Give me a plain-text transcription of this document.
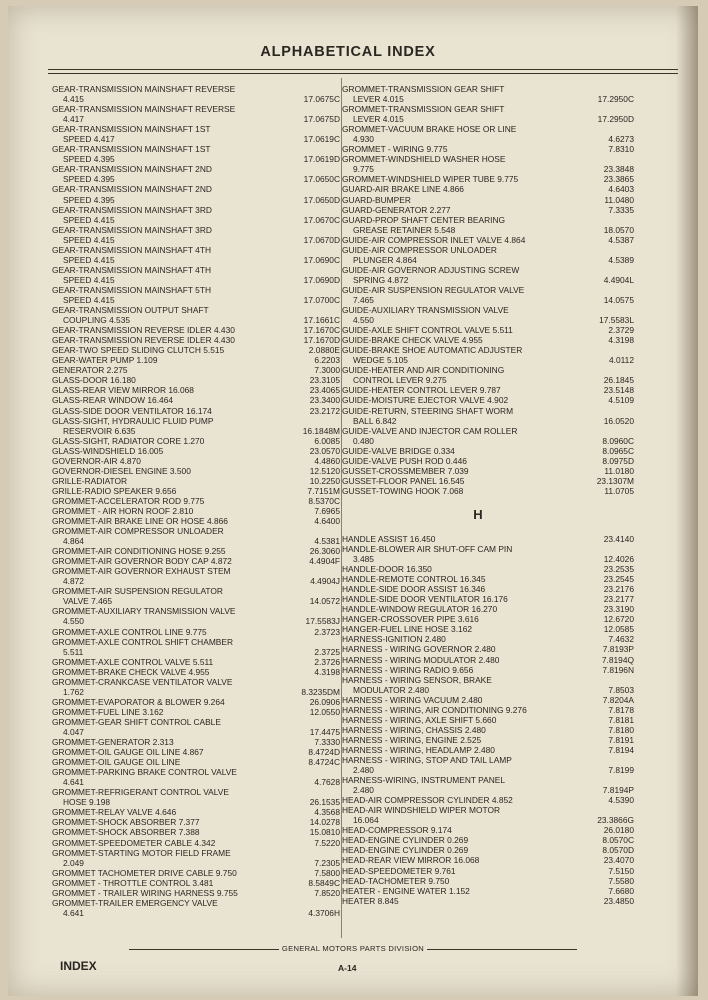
ALPHABETICAL INDEX
GEAR-TRANSMISSION MAINSHAFT REVERSE
4.415	17.0675C
GEAR-TRANSMISSION MAINSHAFT REVERSE
4.417	17.0675D
GEAR-TRANSMISSION MAINSHAFT 1ST
SPEED 4.417	17.0619C
GEAR-TRANSMISSION MAINSHAFT 1ST
SPEED 4.395	17.0619D
GEAR-TRANSMISSION MAINSHAFT 2ND
SPEED 4.395	17.0650C
GEAR-TRANSMISSION MAINSHAFT 2ND
SPEED 4.395	17.0650D
GEAR-TRANSMISSION MAINSHAFT 3RD
SPEED 4.415	17.0670C
GEAR-TRANSMISSION MAINSHAFT 3RD
SPEED 4.415	17.0670D
GEAR-TRANSMISSION MAINSHAFT 4TH
SPEED 4.415	17.0690C
GEAR-TRANSMISSION MAINSHAFT 4TH
SPEED 4.415	17.0690D
GEAR-TRANSMISSION MAINSHAFT 5TH
SPEED 4.415	17.0700C
GEAR-TRANSMISSION OUTPUT SHAFT
COUPLING 4.535	17.1661C
GEAR-TRANSMISSION REVERSE IDLER 4.430	17.1670C
GEAR-TRANSMISSION REVERSE IDLER 4.430	17.1670D
GEAR-TWO SPEED SLIDING CLUTCH 5.515	2.0880E
GEAR-WATER PUMP 1.109	6.2203
GENERATOR 2.275	7.3000
GLASS-DOOR 16.180	23.3105
GLASS-REAR VIEW MIRROR 16.068	23.4065
GLASS-REAR WINDOW 16.464	23.3400
GLASS-SIDE DOOR VENTILATOR 16.174	23.2172
GLASS-SIGHT, HYDRAULIC FLUID PUMP
RESERVOIR 6.635	16.1848M
GLASS-SIGHT, RADIATOR CORE 1.270	6.0085
GLASS-WINDSHIELD 16.005	23.0570
GOVERNOR-AIR 4.870	4.4860
GOVERNOR-DIESEL ENGINE 3.500	12.5120
GRILLE-RADIATOR	10.2250
GRILLE-RADIO SPEAKER 9.656	7.7151M
GROMMET-ACCELERATOR ROD 9.775	8.5370C
GROMMET - AIR HORN ROOF 2.810	7.6965
GROMMET-AIR BRAKE LINE OR HOSE 4.866	4.6400
GROMMET-AIR COMPRESSOR UNLOADER
4.864	4.5381
GROMMET-AIR CONDITIONING HOSE 9.255	26.3060
GROMMET-AIR GOVERNOR BODY CAP 4.872	4.4904F
GROMMET-AIR GOVERNOR EXHAUST STEM
4.872	4.4904J
GROMMET-AIR SUSPENSION REGULATOR
VALVE 7.465	14.0572
GROMMET-AUXILIARY TRANSMISSION VALVE
4.550	17.5583J
GROMMET-AXLE CONTROL LINE 9.775	2.3723
GROMMET-AXLE CONTROL SHIFT CHAMBER
5.511	2.3725
GROMMET-AXLE CONTROL VALVE 5.511	2.3726
GROMMET-BRAKE CHECK VALVE 4.955	4.3198
GROMMET-CRANKCASE VENTILATOR VALVE
1.762	8.3235DM
GROMMET-EVAPORATOR & BLOWER 9.264	26.0906
GROMMET-FUEL LINE 3.162	12.0550
GROMMET-GEAR SHIFT CONTROL CABLE
4.047	17.4475
GROMMET-GENERATOR 2.313	7.3330
GROMMET-OIL GAUGE OIL LINE 4.867	8.4724D
GROMMET-OIL GAUGE OIL LINE	8.4724C
GROMMET-PARKING BRAKE CONTROL VALVE
4.641	4.7628
GROMMET-REFRIGERANT CONTROL VALVE
HOSE 9.198	26.1535
GROMMET-RELAY VALVE 4.646	4.3568
GROMMET-SHOCK ABSORBER 7.377	14.0278
GROMMET-SHOCK ABSORBER 7.388	15.0810
GROMMET-SPEEDOMETER CABLE 4.342	7.5220
GROMMET-STARTING MOTOR FIELD FRAME
2.049	7.2305
GROMMET TACHOMETER DRIVE CABLE 9.750	7.5800
GROMMET - THROTTLE CONTROL 3.481	8.5849C
GROMMET - TRAILER WIRING HARNESS 9.755	7.8520
GROMMET-TRAILER EMERGENCY VALVE
4.641	4.3706H
GROMMET-TRANSMISSION GEAR SHIFT
LEVER 4.015	17.2950C
GROMMET-TRANSMISSION GEAR SHIFT
LEVER 4.015	17.2950D
GROMMET-VACUUM BRAKE HOSE OR LINE
4.930	4.6273
GROMMET - WIRING 9.775	7.8310
GROMMET-WINDSHIELD WASHER HOSE
9.775	23.3848
GROMMET-WINDSHIELD WIPER TUBE 9.775	23.3865
GUARD-AIR BRAKE LINE 4.866	4.6403
GUARD-BUMPER	11.0480
GUARD-GENERATOR 2.277	7.3335
GUARD-PROP SHAFT CENTER BEARING
GREASE RETAINER 5.548	18.0570
GUIDE-AIR COMPRESSOR INLET VALVE 4.864	4.5387
GUIDE-AIR COMPRESSOR UNLOADER
PLUNGER 4.864	4.5389
GUIDE-AIR GOVERNOR ADJUSTING SCREW
SPRING 4.872	4.4904L
GUIDE-AIR SUSPENSION REGULATOR VALVE
7.465	14.0575
GUIDE-AUXILIARY TRANSMISSION VALVE
4.550	17.5583L
GUIDE-AXLE SHIFT CONTROL VALVE 5.511	2.3729
GUIDE-BRAKE CHECK VALVE 4.955	4.3198
GUIDE-BRAKE SHOE AUTOMATIC ADJUSTER
WEDGE 5.105	4.0112
GUIDE-HEATER AND AIR CONDITIONING
CONTROL LEVER 9.275	26.1845
GUIDE-HEATER CONTROL LEVER 9.787	23.5148
GUIDE-MOISTURE EJECTOR VALVE 4.902	4.5109
GUIDE-RETURN, STEERING SHAFT WORM
BALL 6.842	16.0520
GUIDE-VALVE AND INJECTOR CAM ROLLER
0.480	8.0960C
GUIDE-VALVE BRIDGE 0.334	8.0965C
GUIDE-VALVE PUSH ROD 0.446	8.0975D
GUSSET-CROSSMEMBER 7.039	11.0180
GUSSET-FLOOR PANEL 16.545	23.1307M
GUSSET-TOWING HOOK 7.068	11.0705
H
HANDLE ASSIST 16.450	23.4140
HANDLE-BLOWER AIR SHUT-OFF CAM PIN
3.485	12.4026
HANDLE-DOOR 16.350	23.2535
HANDLE-REMOTE CONTROL 16.345	23.2545
HANDLE-SIDE DOOR ASSIST 16.346	23.2176
HANDLE-SIDE DOOR VENTILATOR 16.176	23.2177
HANDLE-WINDOW REGULATOR 16.270	23.3190
HANGER-CROSSOVER PIPE 3.616	12.6720
HANGER-FUEL LINE HOSE 3.162	12.0585
HARNESS-IGNITION 2.480	7.4632
HARNESS - WIRING GOVERNOR 2.480	7.8193P
HARNESS - WIRING MODULATOR 2.480	7.8194Q
HARNESS - WIRING RADIO 9.656	7.8196N
HARNESS - WIRING SENSOR, BRAKE
MODULATOR 2.480	7.8503
HARNESS - WIRING VACUUM 2.480	7.8204A
HARNESS - WIRING, AIR CONDITIONING 9.276	7.8178
HARNESS - WIRING, AXLE SHIFT 5.660	7.8181
HARNESS - WIRING, CHASSIS 2.480	7.8180
HARNESS - WIRING, ENGINE 2.525	7.8191
HARNESS - WIRING, HEADLAMP 2.480	7.8194
HARNESS - WIRING, STOP AND TAIL LAMP
2.480	7.8199
HARNESS-WIRING, INSTRUMENT PANEL
2.480	7.8194P
HEAD-AIR COMPRESSOR CYLINDER 4.852	4.5390
HEAD-AIR WINDSHIELD WIPER MOTOR
16.064	23.3866G
HEAD-COMPRESSOR 9.174	26.0180
HEAD-ENGINE CYLINDER 0.269	8.0570C
HEAD-ENGINE CYLINDER 0.269	8.0570D
HEAD-REAR VIEW MIRROR 16.068	23.4070
HEAD-SPEEDOMETER 9.761	7.5150
HEAD-TACHOMETER 9.750	7.5580
HEATER - ENGINE WATER 1.152	7.6680
HEATER 8.845	23.4850
GENERAL MOTORS PARTS DIVISION
INDEX	A-14
